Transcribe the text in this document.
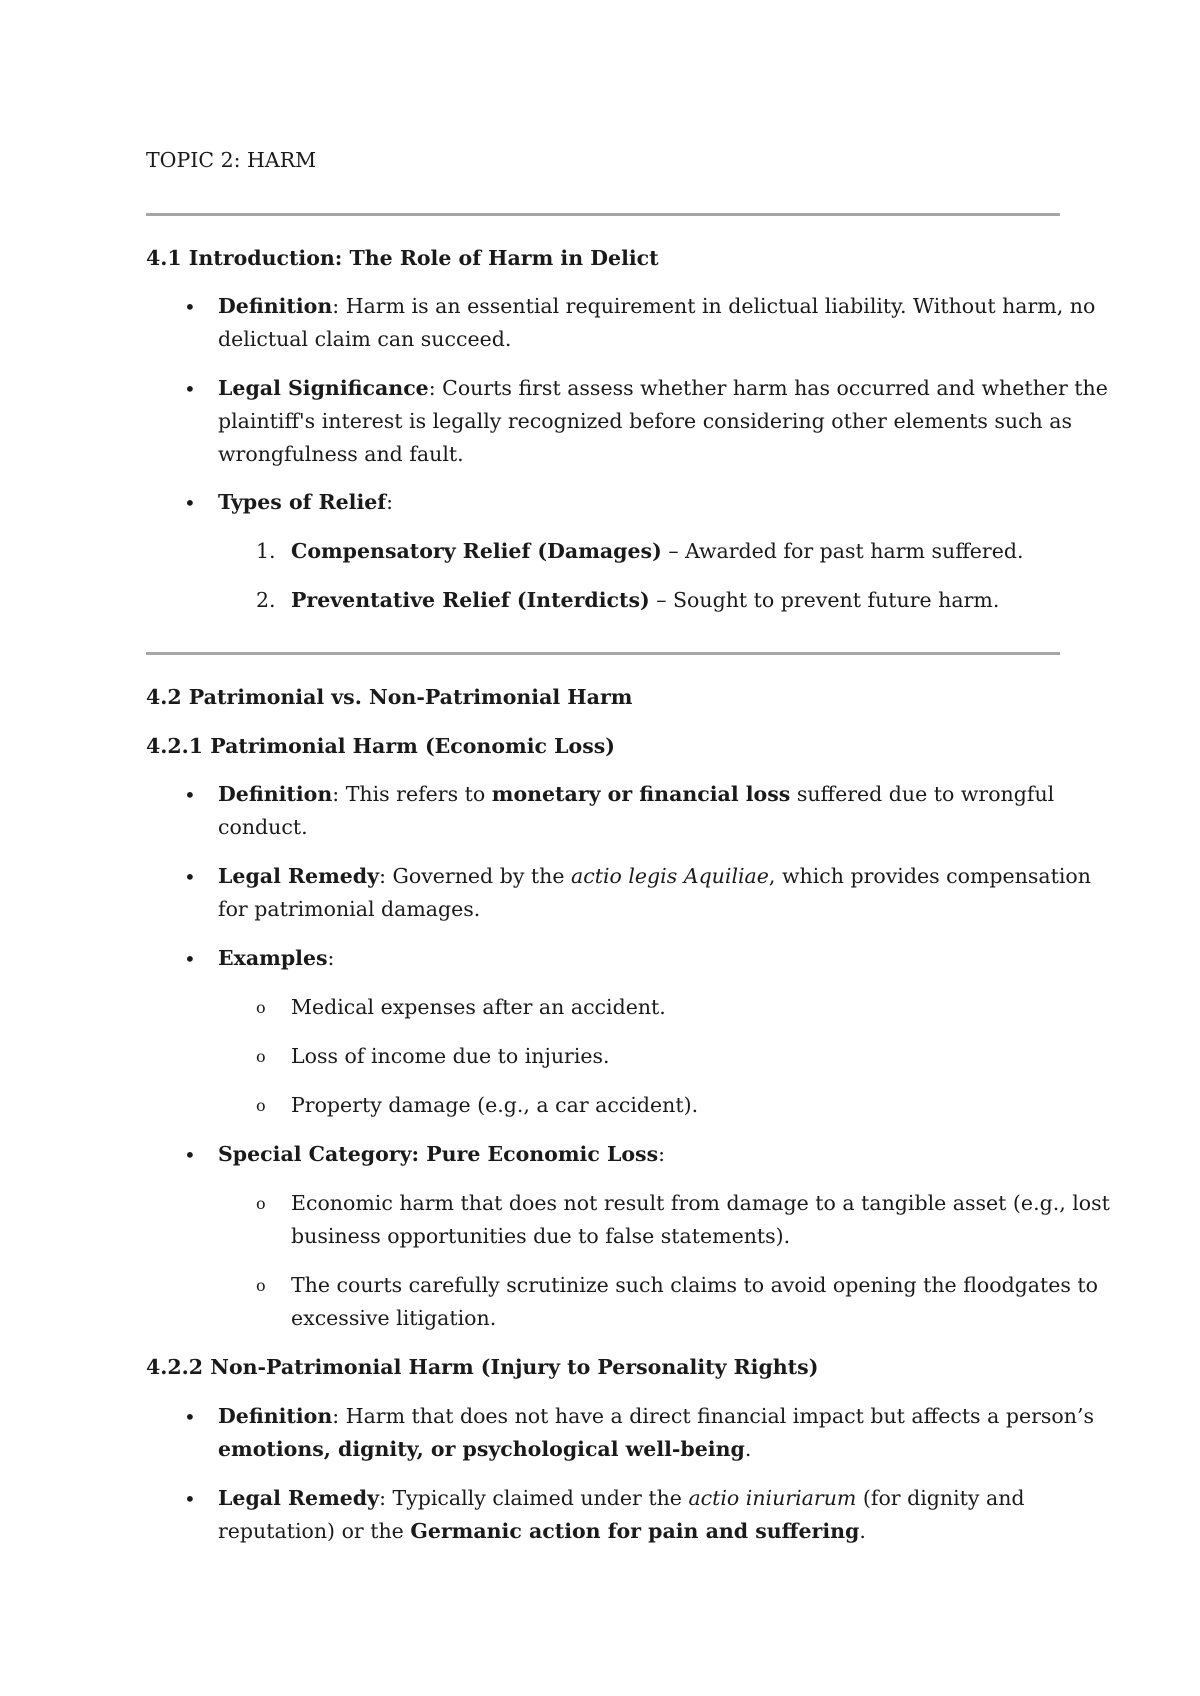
TOPIC 2: HARM
4.1 Introduction: The Role of Harm in Delict
• Definition: Harm is an essential requirement in delictual liability. Without harm, no
delictual claim can succeed.
• Legal Significance: Courts first assess whether harm has occurred and whether the
plaintiff's interest is legally recognized before considering other elements such as
wrongfulness and fault.
• Types of Relief:
1. Compensatory Relief (Damages) – Awarded for past harm suffered.
2. Preventative Relief (Interdicts) – Sought to prevent future harm.
4.2 Patrimonial vs. Non-Patrimonial Harm
4.2.1 Patrimonial Harm (Economic Loss)
• Definition: This refers to monetary or financial loss suffered due to wrongful
conduct.
• Legal Remedy: Governed by the actio legis Aquiliae, which provides compensation
for patrimonial damages.
• Examples:
o Medical expenses after an accident.
o Loss of income due to injuries.
o Property damage (e.g., a car accident).
• Special Category: Pure Economic Loss:
o Economic harm that does not result from damage to a tangible asset (e.g., lost
business opportunities due to false statements).
o The courts carefully scrutinize such claims to avoid opening the floodgates to
excessive litigation.
4.2.2 Non-Patrimonial Harm (Injury to Personality Rights)
• Definition: Harm that does not have a direct financial impact but affects a person’s
emotions, dignity, or psychological well-being.
• Legal Remedy: Typically claimed under the actio iniuriarum (for dignity and
reputation) or the Germanic action for pain and suffering.
